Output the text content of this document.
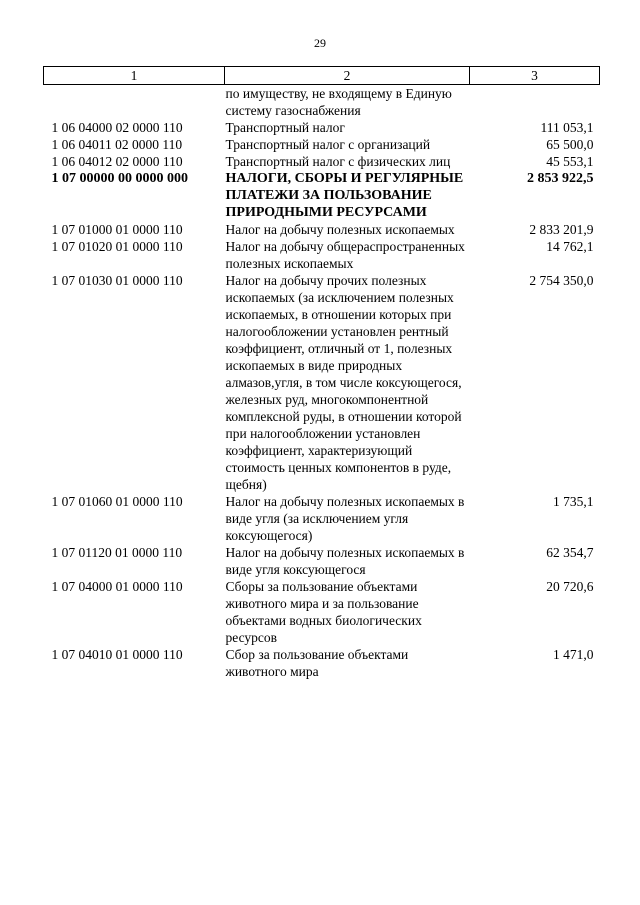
29
1	2	3
	по имуществу, не входящему в Единую систему газоснабжения	
1 06 04000 02 0000 110	Транспортный налог	111 053,1
1 06 04011 02 0000 110	Транспортный налог с организаций	65 500,0
1 06 04012 02 0000 110	Транспортный налог с физических лиц	45 553,1
1 07 00000 00 0000 000	НАЛОГИ, СБОРЫ И РЕГУЛЯРНЫЕ ПЛАТЕЖИ ЗА ПОЛЬЗОВАНИЕ ПРИРОДНЫМИ РЕСУРСАМИ	2 853 922,5
1 07 01000 01 0000 110	Налог на добычу полезных ископаемых	2 833 201,9
1 07 01020 01 0000 110	Налог на добычу общераспространенных полезных ископаемых	14 762,1
1 07 01030 01 0000 110	Налог на добычу прочих полезных ископаемых (за исключением полезных ископаемых, в отношении которых при налогообложении установлен рентный коэффициент, отличный от 1, полезных ископаемых в виде природных алмазов,угля, в том числе коксующегося, железных руд, многокомпонентной комплексной руды, в отношении которой при налогообложении установлен коэффициент, характеризующий стоимость ценных компонентов в руде, щебня)	2 754 350,0
1 07 01060 01 0000 110	Налог на добычу полезных ископаемых в виде угля (за исключением угля коксующегося)	1 735,1
1 07 01120 01 0000 110	Налог на добычу полезных ископаемых в виде угля коксующегося	62 354,7
1 07 04000 01 0000 110	Сборы за пользование объектами животного мира и за пользование объектами водных биологических ресурсов	20 720,6
1 07 04010 01 0000 110	Сбор за пользование объектами животного мира	1 471,0
